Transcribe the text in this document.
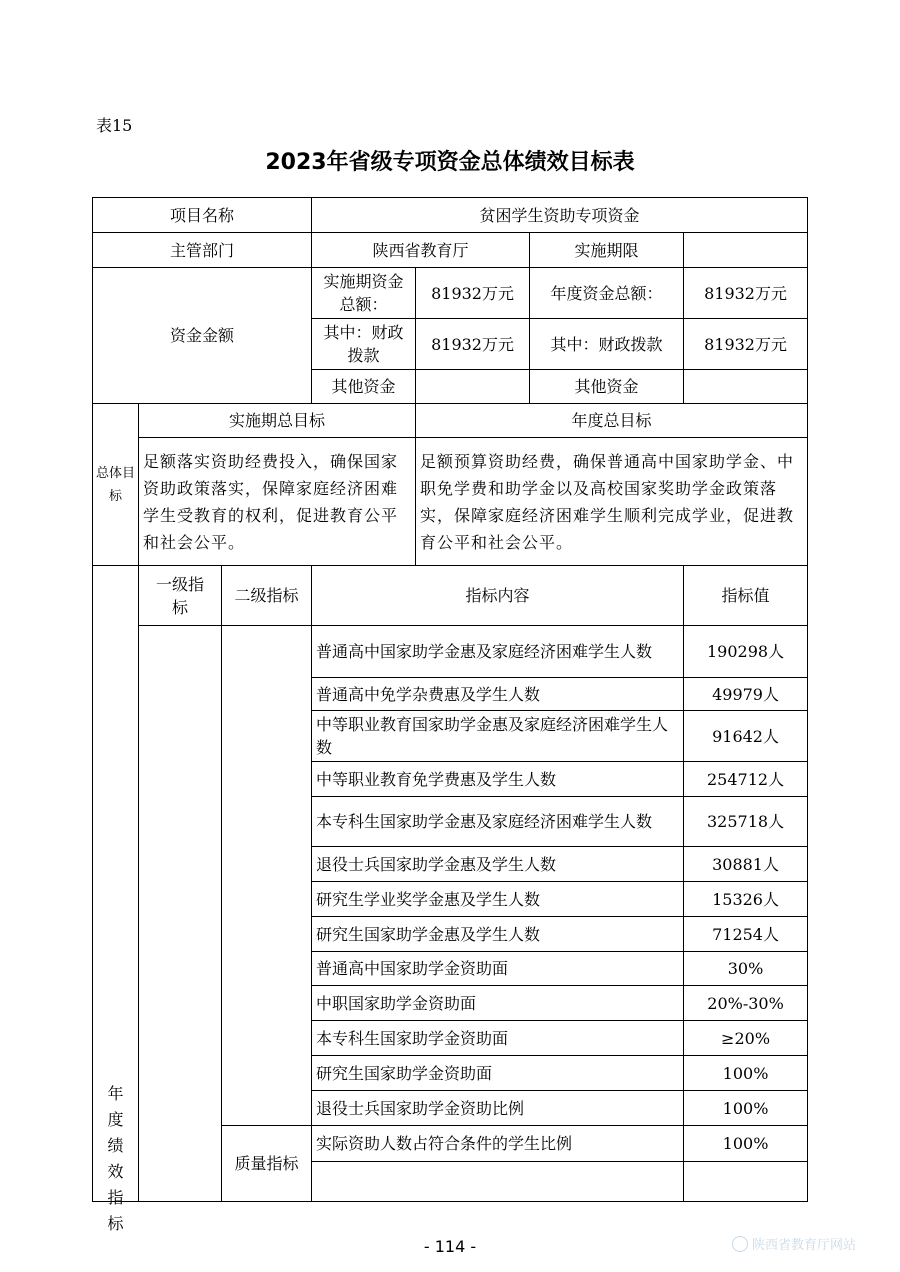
表15
2023年省级专项资金总体绩效目标表
项目名称			贫困学生资助专项资金			
主管部门			陕西省教育厅		实施期限	
资金金额			实施期资金总额：	81932万元	年度资金总额：	81932万元
			其中：财政拨款	81932万元	其中：财政拨款	81932万元
			其他资金		其他资金	
总体目标	实施期总目标			年度总目标		
	足额落实资助经费投入，确保国家资助政策落实，保障家庭经济困难学生受教育的权利，促进教育公平和社会公平。			足额预算资助经费，确保普通高中国家助学金、中职免学费和助学金以及高校国家奖助学金政策落实，保障家庭经济困难学生顺利完成学业，促进教育公平和社会公平。		

年度绩效指标	一级指标	二级指标	指标内容			指标值
			普通高中国家助学金惠及家庭经济困难学生人数			190298人
			普通高中免学杂费惠及学生人数			49979人
			中等职业教育国家助学金惠及家庭经济困难学生人数			91642人
			中等职业教育免学费惠及学生人数			254712人
			本专科生国家助学金惠及家庭经济困难学生人数			325718人
			退役士兵国家助学金惠及学生人数			30881人
			研究生学业奖学金惠及学生人数			15326人
			研究生国家助学金惠及学生人数			71254人
			普通高中国家助学金资助面			30%
			中职国家助学金资助面			20%-30%
			本专科生国家助学金资助面			≥20%
			研究生国家助学金资助面			100%
			退役士兵国家助学金资助比例			100%
		质量指标	实际资助人数占符合条件的学生比例			100%

- 114 -	陕西省教育厅网站
